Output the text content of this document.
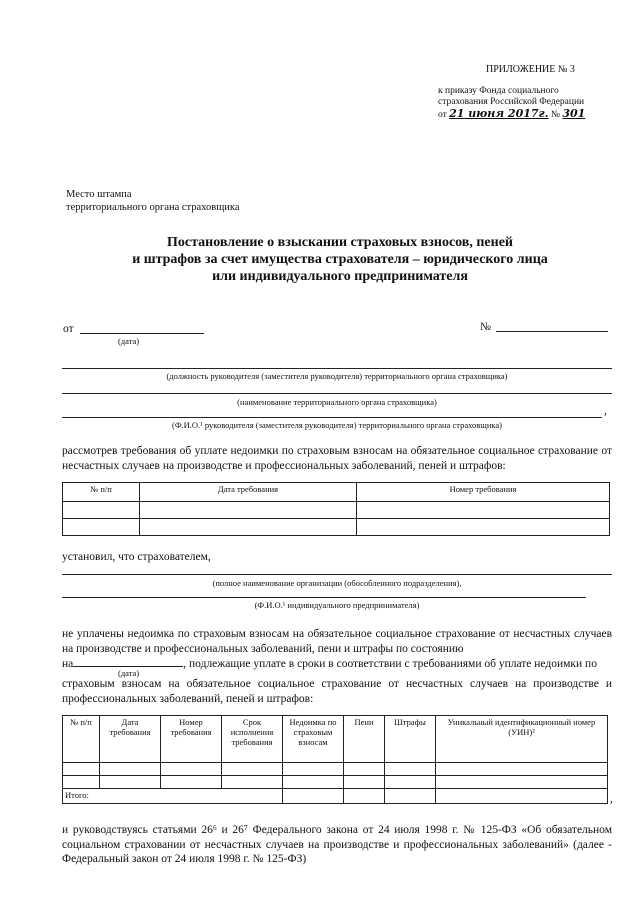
ПРИЛОЖЕНИЕ № 3
к приказу Фонда социального
страхования Российской Федерации
от 21 июня 2017г. № 301
Место штампа
территориального органа страховщика
Постановление о взыскании страховых взносов, пеней
и штрафов за счет имущества страхователя – юридического лица
или индивидуального предпринимателя
от
(дата)
№
(должность руководителя (заместителя руководителя) территориального органа страховщика)
(наименование территориального органа страховщика)
,
(Ф.И.О.¹ руководителя (заместителя руководителя) территориального органа страховщика)
рассмотрев требования об уплате недоимки по страховым взносам на обязательное социальное страхование от несчастных случаев на производстве и профессиональных заболеваний, пеней и штрафов:
№ п/п	Дата требования	Номер требования

установил, что страхователем,
(полное наименование организации (обособленного подразделения),
(Ф.И.О.¹ индивидуального предпринимателя)
не уплачены недоимка по страховым взносам на обязательное социальное страхование от несчастных случаев на производстве и профессиональных заболеваний, пени и штрафы по состоянию
на	, подлежащие уплате в сроки в соответствии с требованиями об уплате недоимки по
(дата)
страховым взносам на обязательное социальное страхование от несчастных случаев на производстве и профессиональных заболеваний, пеней и штрафов:
№ п/п	Дата требования	Номер требования	Срок исполнения требования	Недоимка по страховым взносам	Пени	Штрафы	Уникальный идентификационный номер (УИН)²

Итого:								,
и руководствуясь статьями 26⁶ и 26⁷ Федерального закона от 24 июля 1998 г. № 125-ФЗ «Об обязательном социальном страховании от несчастных случаев на производстве и профессиональных заболеваний» (далее - Федеральный закон от 24 июля 1998 г. № 125-ФЗ)
